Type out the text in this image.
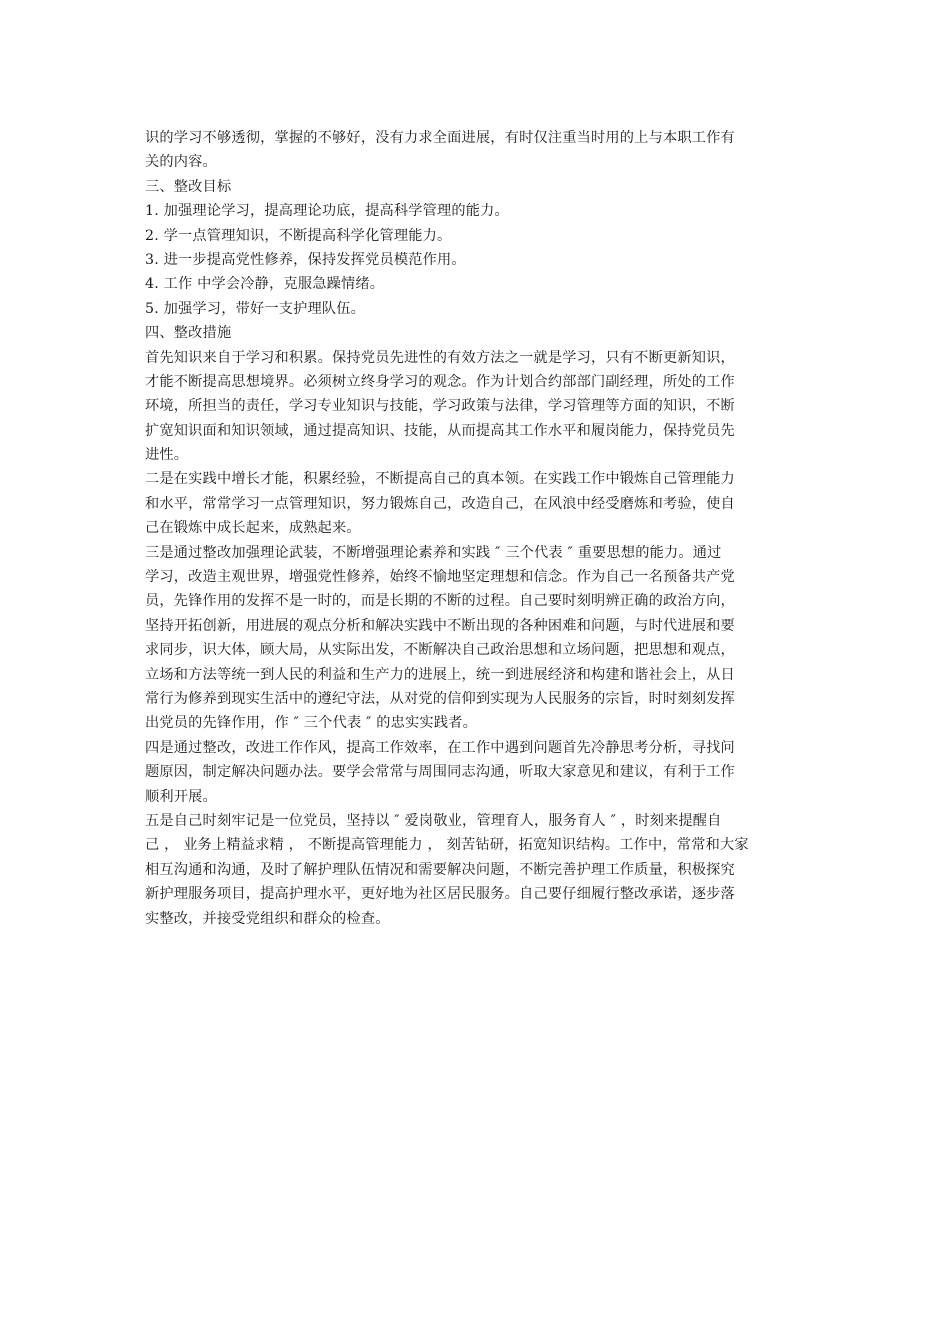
识的学习不够透彻，掌握的不够好，没有力求全面进展，有时仅注重当时用的上与本职工作有
关的内容。
三、整改目标
1. 加强理论学习，提高理论功底，提高科学管理的能力。
2. 学一点管理知识，不断提高科学化管理能力。
3. 进一步提高党性修养，保持发挥党员模范作用。
4. 工作 中学会冷静，克服急躁情绪。
5. 加强学习，带好一支护理队伍。
四、整改措施
首先知识来自于学习和积累。保持党员先进性的有效方法之一就是学习，只有不断更新知识，
才能不断提高思想境界。必须树立终身学习的观念。作为计划合约部部门副经理，所处的工作
环境，所担当的责任，学习专业知识与技能，学习政策与法律，学习管理等方面的知识，不断
扩宽知识面和知识领域，通过提高知识、技能，从而提高其工作水平和履岗能力，保持党员先
进性。
二是在实践中增长才能，积累经验，不断提高自己的真本领。在实践工作中锻炼自己管理能力
和水平，常常学习一点管理知识，努力锻炼自己，改造自己，在风浪中经受磨炼和考验，使自
己在锻炼中成长起来，成熟起来。
三是通过整改加强理论武装，不断增强理论素养和实践 ″ 三个代表 ″ 重要思想的能力。通过
学习，改造主观世界，增强党性修养，始终不愉地坚定理想和信念。作为自己一名预备共产党
员，先锋作用的发挥不是一时的，而是长期的不断的过程。自己要时刻明辨正确的政治方向，
坚持开拓创新，用进展的观点分析和解决实践中不断出现的各种困难和问题，与时代进展和要
求同步，识大体，顾大局，从实际出发，不断解决自己政治思想和立场问题，把思想和观点，
立场和方法等统一到人民的利益和生产力的进展上，统一到进展经济和构建和谐社会上，从日
常行为修养到现实生活中的遵纪守法，从对党的信仰到实现为人民服务的宗旨，时时刻刻发挥
出党员的先锋作用，作 ″ 三个代表 ″ 的忠实实践者。
四是通过整改，改进工作作风，提高工作效率，在工作中遇到问题首先冷静思考分析，寻找问
题原因，制定解决问题办法。要学会常常与周围同志沟通，听取大家意见和建议，有利于工作
顺利开展。
五是自己时刻牢记是一位党员，坚持以 ″ 爱岗敬业，管理育人，服务育人 ″ ，时刻来提醒自
己 ， 业务上精益求精 ， 不断提高管理能力 ， 刻苦钻研，拓宽知识结构。工作中，常常和大家
相互沟通和沟通，及时了解护理队伍情况和需要解决问题，不断完善护理工作质量，积极探究
新护理服务项目，提高护理水平，更好地为社区居民服务。自己要仔细履行整改承诺，逐步落
实整改，并接受党组织和群众的检查。
